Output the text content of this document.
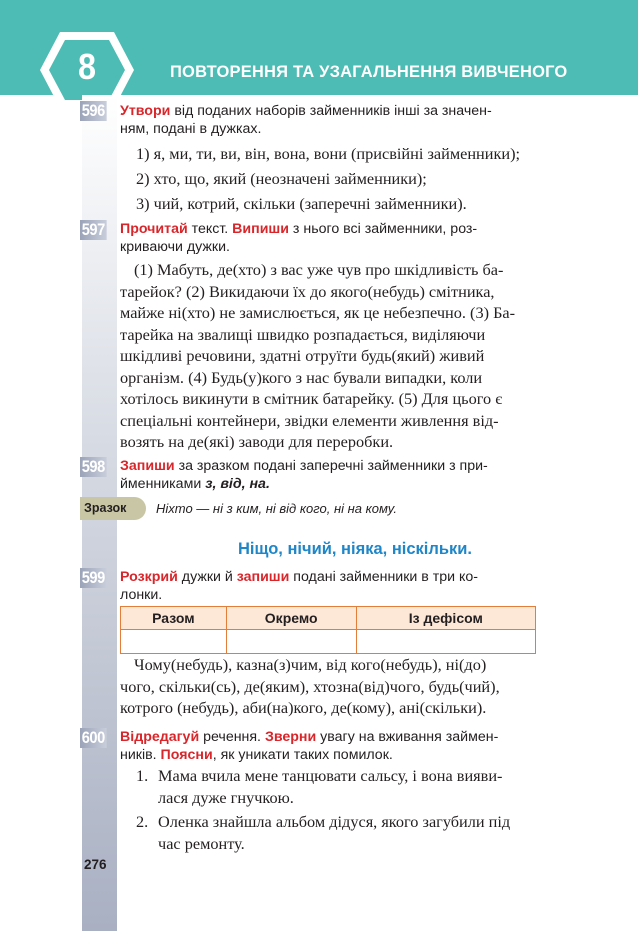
8	ПОВТОРЕННЯ ТА УЗАГАЛЬНЕННЯ ВИВЧЕНОГО
596 Утвори від поданих наборів займенників інші за значен-
ням, подані в дужках.
1) я, ми, ти, ви, він, вона, вони (присвійні займенники);
2) хто, що, який (неозначені займенники);
3) чий, котрий, скільки (заперечні займенники).
597 Прочитай текст. Випиши з нього всі займенники, роз-
криваючи дужки.
(1) Мабуть, де(хто) з вас уже чув про шкідливість ба-
тарейок? (2) Викидаючи їх до якого(небудь) смітника,
майже ні(хто) не замислюється, як це небезпечно. (3) Ба-
тарейка на звалищі швидко розпадається, виділяючи
шкідливі речовини, здатні отруїти будь(який) живий
організм. (4) Будь(у)кого з нас бували випадки, коли
хотілось викинути в смітник батарейку. (5) Для цього є
спеціальні контейнери, звідки елементи живлення від-
возять на де(які) заводи для переробки.
598 Запиши за зразком подані заперечні займенники з при-
йменниками з, від, на.
Зразок	Ніхто — ні з ким, ні від кого, ні на кому.
Ніщо, нічий, ніяка, ніскільки.
599 Розкрий дужки й запиши подані займенники в три ко-
лонки.
Разом	Окремо	Із дефісом

Чому(небудь), казна(з)чим, від кого(небудь), ні(до)
чого, скільки(сь), де(яким), хтозна(від)чого, будь(чий),
котрого (небудь), аби(на)кого, де(кому), ані(скільки).
600 Відредагуй речення. Зверни увагу на вживання займен-
ників. Поясни, як уникати таких помилок.
1. Мама вчила мене танцювати сальсу, і вона вияви-
лася дуже гнучкою.
2. Оленка знайшла альбом дідуся, якого загубили під
час ремонту.
276
